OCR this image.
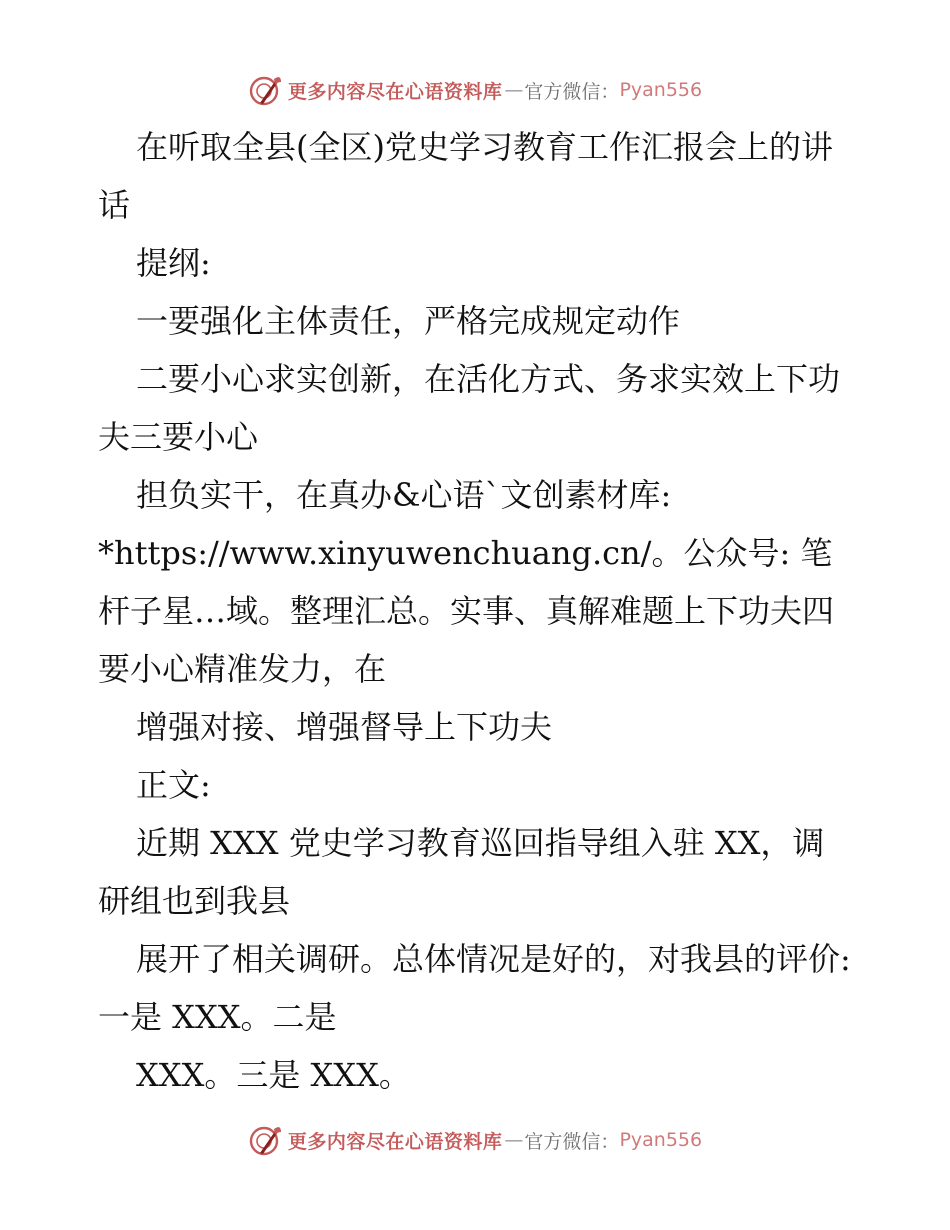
更多内容尽在心语资料库 — 官方微信： Pyan556

在听取全县(全区)党史学习教育工作汇报会上的讲话

提纲:

一要强化主体责任，严格完成规定动作

二要小心求实创新，在活化方式、务求实效上下功夫三要小心

担负实干，在真办&心语`文创素材库:

*https://www.xinyuwenchuang.cn/。公众号: 笔杆子星…域。整理汇总。实事、真解难题上下功夫四要小心精准发力，在

增强对接、增强督导上下功夫

正文:

近期 XXX 党史学习教育巡回指导组入驻 XX，调研组也到我县

展开了相关调研。总体情况是好的，对我县的评价: 一是 XXX。二是

XXX。三是 XXX。

更多内容尽在心语资料库 — 官方微信： Pyan556
